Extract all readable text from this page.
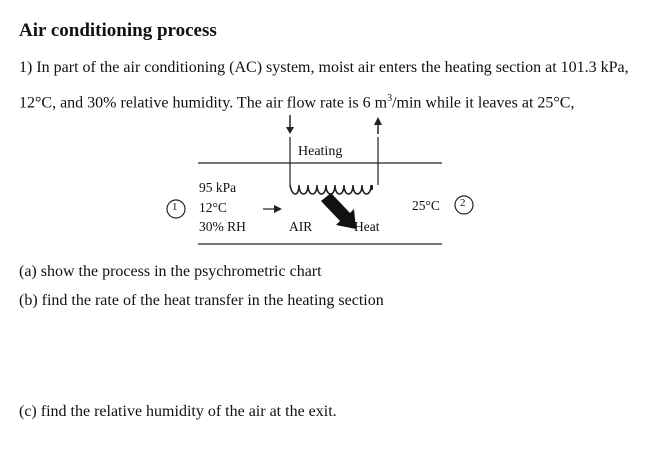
Air conditioning process
1) In part of the air conditioning (AC) system, moist air enters the heating section at 101.3 kPa,
12°C, and 30% relative humidity. The air flow rate is 6 $m^3/\min$ while it leaves at 25°C,
Heating
1	2
95 kPa
12°C
30% RH	AIR	Heat
25°C
(a) show the process in the psychrometric chart
(b) find the rate of the heat transfer in the heating section
(c) find the relative humidity of the air at the exit.
